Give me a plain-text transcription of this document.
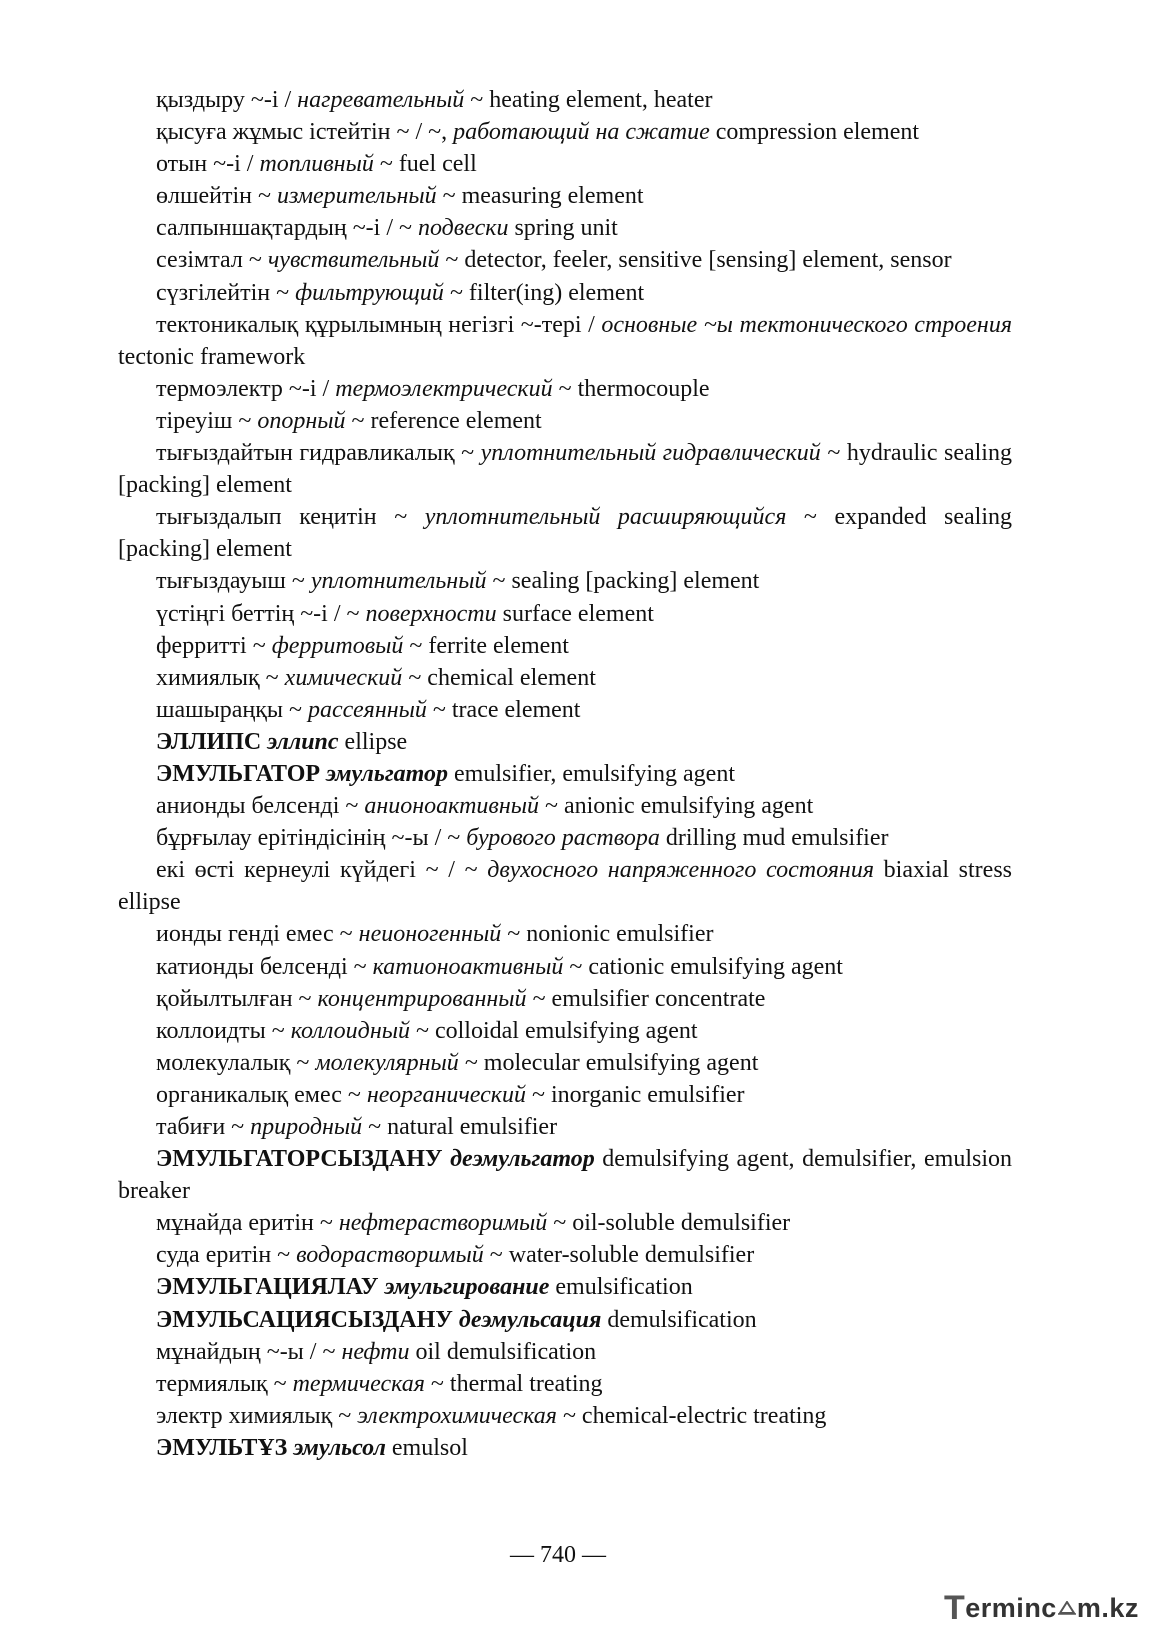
қыздыру ~-і / нагревательный ~ heating element, heater

қысуға жұмыс істейтін ~ / ~, работающий на сжатие compression element

отын ~-і / топливный ~ fuel cell

өлшейтін ~ измерительный ~ measuring element

салпыншақтардың ~-і / ~ подвески spring unit

сезімтал ~ чувствительный ~ detector, feeler, sensitive [sensing] element, sensor

сүзгілейтін ~ фильтрующий ~ filter(ing) element

тектоникалық құрылымның негізгі ~-тері / основные ~ы тектонического строения tectonic framework

термоэлектр ~-і / термоэлектрический ~ thermocouple

тіреуіш ~ опорный ~ reference element

тығыздайтын гидравликалық ~ уплотнительный гидравлический ~ hydraulic sealing [packing] element

тығыздалып кеңитін ~ уплотнительный расширяющийся ~ expanded sealing [packing] element

тығыздауыш ~ уплотнительный ~ sealing [packing] element

үстіңгі беттің ~-і / ~ поверхности surface element

ферритті ~ ферритовый ~ ferrite element

химиялық ~ химический ~ chemical element

шашыраңқы ~ рассеянный ~ trace element

ЭЛЛИПС эллипс ellipse

ЭМУЛЬГАТОР эмульгатор emulsifier, emulsifying agent

анионды белсенді ~ анионоактивный ~ anionic emulsifying agent

бұрғылау ерітіндісінің ~-ы / ~ бурового раствора drilling mud emulsifier

екі өсті кернеулі күйдегі ~ / ~ двухосного напряженного состояния biaxial stress ellipse

ионды генді емес ~ неионогенный ~ nonionic emulsifier

катионды белсенді ~ катионоактивный ~ cationic emulsifying agent

қойылтылған ~ концентрированный ~ emulsifier concentrate

коллоидты ~ коллоидный ~ colloidal emulsifying agent

молекулалық ~ молекулярный ~ molecular emulsifying agent

органикалық емес ~ неорганический ~ inorganic emulsifier

табиғи ~ природный ~ natural emulsifier

ЭМУЛЬГАТОРСЫЗДАНУ деэмульгатор demulsifying agent, demulsifier, emulsion breaker

мұнайда еритін ~ нефтерастворимый ~ oil-soluble demulsifier

суда еритін ~ водорастворимый ~ water-soluble demulsifier

ЭМУЛЬГАЦИЯЛАУ эмульгирование emulsification

ЭМУЛЬСАЦИЯСЫЗДАНУ деэмульсация demulsification

мұнайдың ~-ы / ~ нефти oil demulsification

термиялық ~ термическая ~ thermal treating

электр химиялық ~ электрохимическая ~ chemical-electric treating

ЭМУЛЬТҰЗ эмульсол emulsol

— 740 —
T erminc m.kz
